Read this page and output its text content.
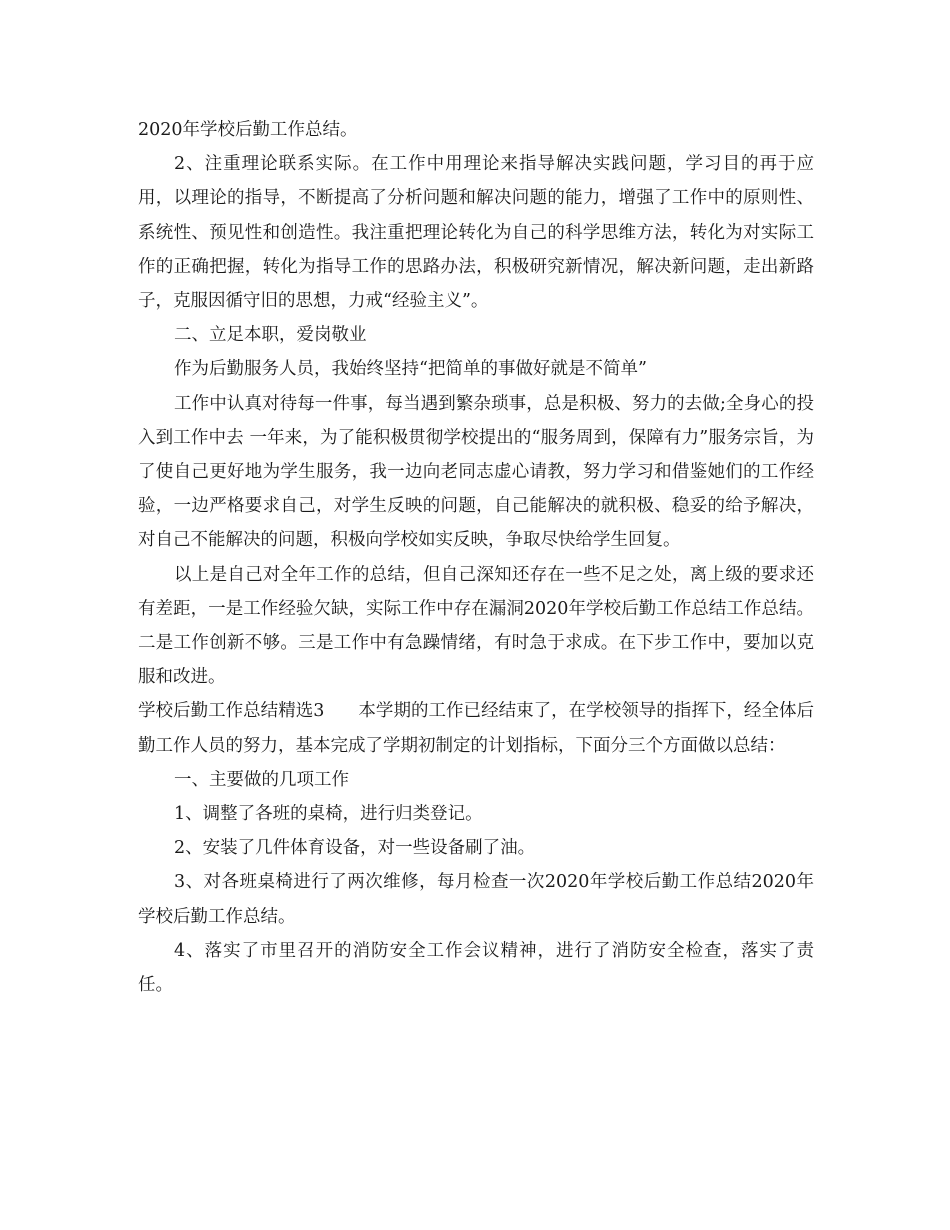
2020年学校后勤工作总结。

2、注重理论联系实际。在工作中用理论来指导解决实践问题，学习目的再于应用，以理论的指导，不断提高了分析问题和解决问题的能力，增强了工作中的原则性、系统性、预见性和创造性。我注重把理论转化为自己的科学思维方法，转化为对实际工作的正确把握，转化为指导工作的思路办法，积极研究新情况，解决新问题，走出新路子，克服因循守旧的思想，力戒“经验主义”。

二、立足本职，爱岗敬业

作为后勤服务人员，我始终坚持“把简单的事做好就是不简单”

工作中认真对待每一件事，每当遇到繁杂琐事，总是积极、努力的去做;全身心的投入到工作中去 一年来，为了能积极贯彻学校提出的“服务周到，保障有力”服务宗旨，为了使自己更好地为学生服务，我一边向老同志虚心请教，努力学习和借鉴她们的工作经验，一边严格要求自己，对学生反映的问题，自己能解决的就积极、稳妥的给予解决，对自己不能解决的问题，积极向学校如实反映，争取尽快给学生回复。

以上是自己对全年工作的总结，但自己深知还存在一些不足之处，离上级的要求还有差距，一是工作经验欠缺，实际工作中存在漏洞2020年学校后勤工作总结工作总结。二是工作创新不够。三是工作中有急躁情绪，有时急于求成。在下步工作中，要加以克服和改进。

学校后勤工作总结精选3 本学期的工作已经结束了，在学校领导的指挥下，经全体后勤工作人员的努力，基本完成了学期初制定的计划指标，下面分三个方面做以总结：

一、主要做的几项工作

1、调整了各班的桌椅，进行归类登记。

2、安装了几件体育设备，对一些设备刷了油。

3、对各班桌椅进行了两次维修，每月检查一次2020年学校后勤工作总结2020年学校后勤工作总结。

4、落实了市里召开的消防安全工作会议精神，进行了消防安全检查，落实了责任。
